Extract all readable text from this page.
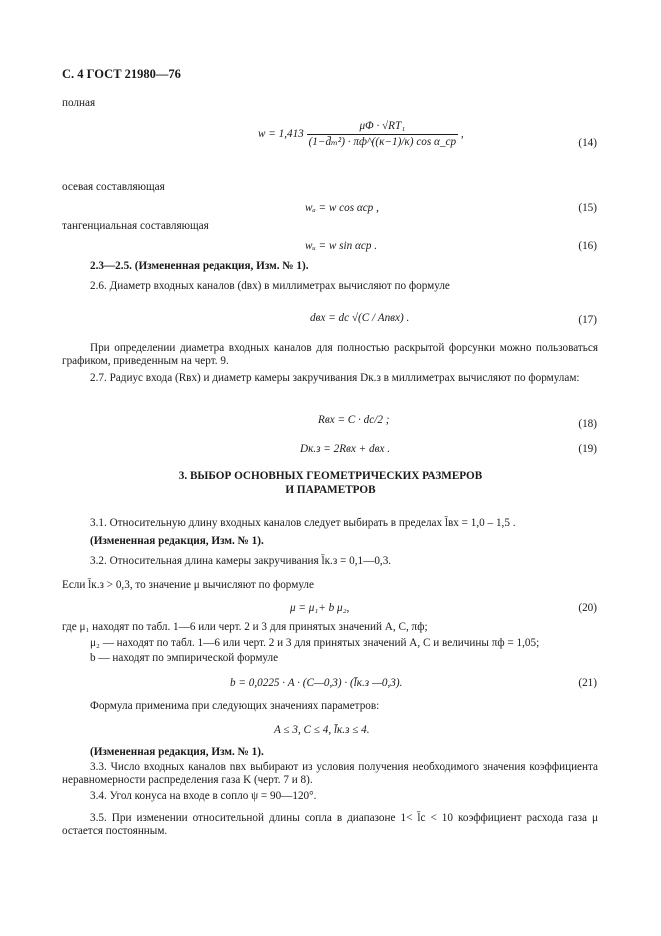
С. 4 ГОСТ 21980—76
полная
$w = 1,413 \frac{\text{μΦ · √RT₁}}{\text{(1−d̄ₘ²) · πф\textasciicircum{}((κ−1)/κ) cos α\_ср}}$ ,
(14)
осевая составляющая
wₐ = w cos αср ,	(15)
тангенциальная составляющая
wᵤ = w sin αср .	(16)
2.3—2.5. (Измененная редакция, Изм. № 1).
2.6. Диаметр входных каналов (dвх) в миллиметрах вычисляют по формуле
dвх = dс √(C / Anвх) .	(17)
При определении диаметра входных каналов для полностью раскрытой форсунки можно пользоваться графиком, приведенным на черт. 9.
2.7. Радиус входа (Rвх) и диаметр камеры закручивания Dк.з в миллиметрах вычисляют по формулам:
Rвх = C · dс/2 ;	(18)
Dк.з = 2Rвх + dвх .	(19)
3. ВЫБОР ОСНОВНЫХ ГЕОМЕТРИЧЕСКИХ РАЗМЕРОВ
И ПАРАМЕТРОВ
3.1. Относительную длину входных каналов следует выбирать в пределах l̄вх = 1,0 – 1,5 .
(Измененная редакция, Изм. № 1).
3.2. Относительная длина камеры закручивания l̄к.з = 0,1—0,3.
Если l̄к.з > 0,3, то значение μ вычисляют по формуле
μ = μ₁+ b μ₂,	(20)
где μ₁ находят по табл. 1—6 или черт. 2 и 3 для принятых значений A, C, πф;
μ₂ — находят по табл. 1—6 или черт. 2 и 3 для принятых значений A, C и величины πф = 1,05;
b — находят по эмпирической формуле
b = 0,0225 · A · (C—0,3) · (l̄к.з —0,3).	(21)
Формула применима при следующих значениях параметров:
A ≤ 3, C ≤ 4, l̄к.з ≤ 4.
(Измененная редакция, Изм. № 1).
3.3. Число входных каналов nвх выбирают из условия получения необходимого значения коэффициента неравномерности распределения газа K (черт. 7 и 8).
3.4. Угол конуса на входе в сопло ψ = 90—120°.
3.5. При изменении относительной длины сопла в диапазоне 1< l̄с < 10 коэффициент расхода газа μ остается постоянным.
